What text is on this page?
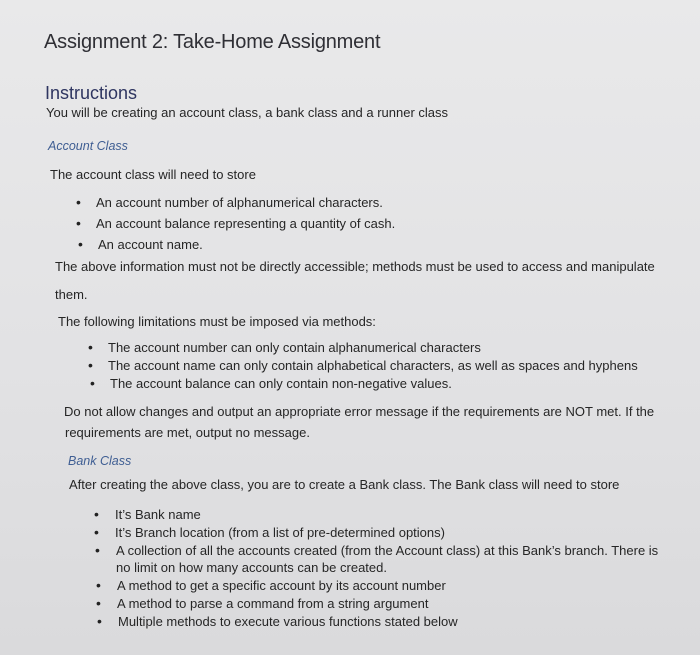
Assignment 2: Take-Home Assignment
Instructions

You will be creating an account class, a bank class and a runner class

Account Class

The account class will need to store

• An account number of alphanumerical characters.
• An account balance representing a quantity of cash.
• An account name.

The above information must not be directly accessible; methods must be used to access and manipulate

them.

The following limitations must be imposed via methods:

• The account number can only contain alphanumerical characters
• The account name can only contain alphabetical characters, as well as spaces and hyphens
• The account balance can only contain non-negative values.

Do not allow changes and output an appropriate error message if the requirements are NOT met. If the

requirements are met, output no message.

Bank Class

After creating the above class, you are to create a Bank class. The Bank class will need to store

• It’s Bank name
• It’s Branch location (from a list of pre-determined options)
• A collection of all the accounts created (from the Account class) at this Bank’s branch. There is
no limit on how many accounts can be created.
• A method to get a specific account by its account number
• A method to parse a command from a string argument
• Multiple methods to execute various functions stated below
